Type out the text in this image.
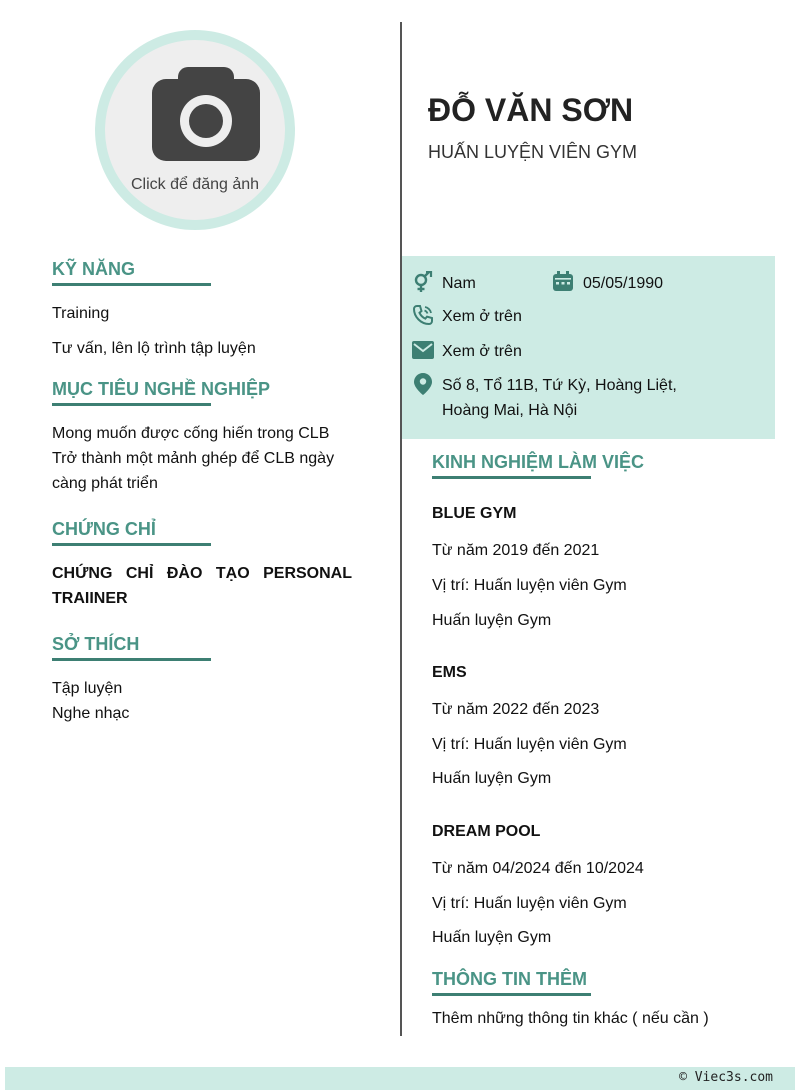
Click để đăng ảnh
ĐỖ VĂN SƠN
HUẤN LUYỆN VIÊN GYM
Nam	05/05/1990
Xem ở trên
Xem ở trên
Số 8, Tổ 11B, Tứ Kỳ, Hoàng Liệt,
Hoàng Mai, Hà Nội
KỸ NĂNG
Training
Tư vấn, lên lộ trình tập luyện
MỤC TIÊU NGHỀ NGHIỆP
Mong muốn được cống hiến trong CLB
Trở thành một mảnh ghép để CLB ngày
càng phát triển
CHỨNG CHỈ
CHỨNG CHỈ ĐÀO TẠO PERSONAL
TRAIINER
SỞ THÍCH
Tập luyện
Nghe nhạc
KINH NGHIỆM LÀM VIỆC
BLUE GYM
Từ năm 2019 đến 2021
Vị trí: Huấn luyện viên Gym
Huấn luyện Gym
EMS
Từ năm 2022 đến 2023
Vị trí: Huấn luyện viên Gym
Huấn luyện Gym
DREAM POOL
Từ năm 04/2024 đến 10/2024
Vị trí: Huấn luyện viên Gym
Huấn luyện Gym
THÔNG TIN THÊM
Thêm những thông tin khác ( nếu cần )
© Viec3s.com
